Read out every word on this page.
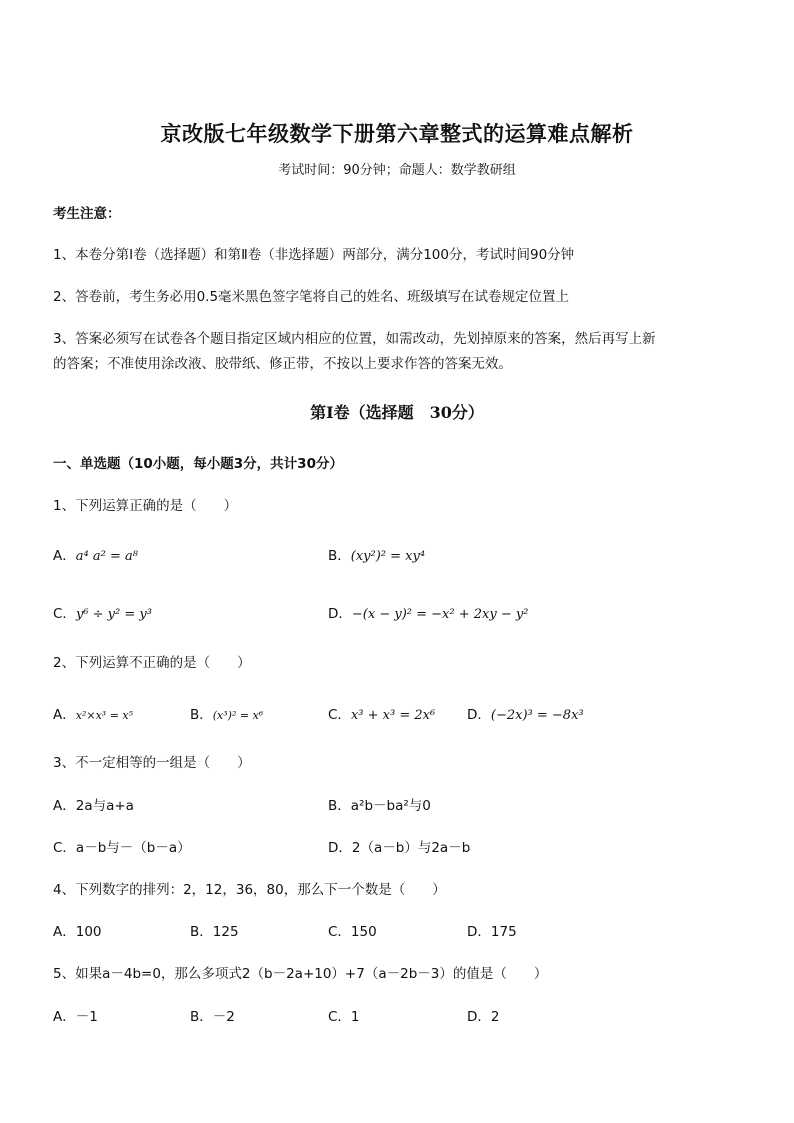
京改版七年级数学下册第六章整式的运算难点解析
考试时间：90分钟；命题人：数学教研组
考生注意：
1、本卷分第Ⅰ卷（选择题）和第Ⅱ卷（非选择题）两部分，满分100分，考试时间90分钟
2、答卷前，考生务必用0.5毫米黑色签字笔将自己的姓名、班级填写在试卷规定位置上
3、答案必须写在试卷各个题目指定区域内相应的位置，如需改动，先划掉原来的答案，然后再写上新
的答案；不准使用涂改液、胶带纸、修正带，不按以上要求作答的答案无效。
第Ⅰ卷（选择题　30分）
一、单选题（10小题，每小题3分，共计30分）
1、下列运算正确的是（　　）
A．a⁴ a² = a⁸	B．(xy²)² = xy⁴
C．y⁶ ÷ y² = y³	D．−(x − y)² = −x² + 2xy − y²
2、下列运算不正确的是（　　）
A．x²×x³ = x⁵	B．(x³)² = x⁶	C．x³ + x³ = 2x⁶ D．(−2x)³ = −8x³
3、不一定相等的一组是（　　）
A．2a与a+a	B．a²b－ba²与0
C．a－b与－（b－a）	D．2（a－b）与2a－b
4、下列数字的排列：2，12，36，80，那么下一个数是（　　）
A．100	B．125	C．150	D．175
5、如果a－4b=0，那么多项式2（b－2a+10）+7（a－2b－3）的值是（　　）
A．－1	B．－2	C．1	D．2
